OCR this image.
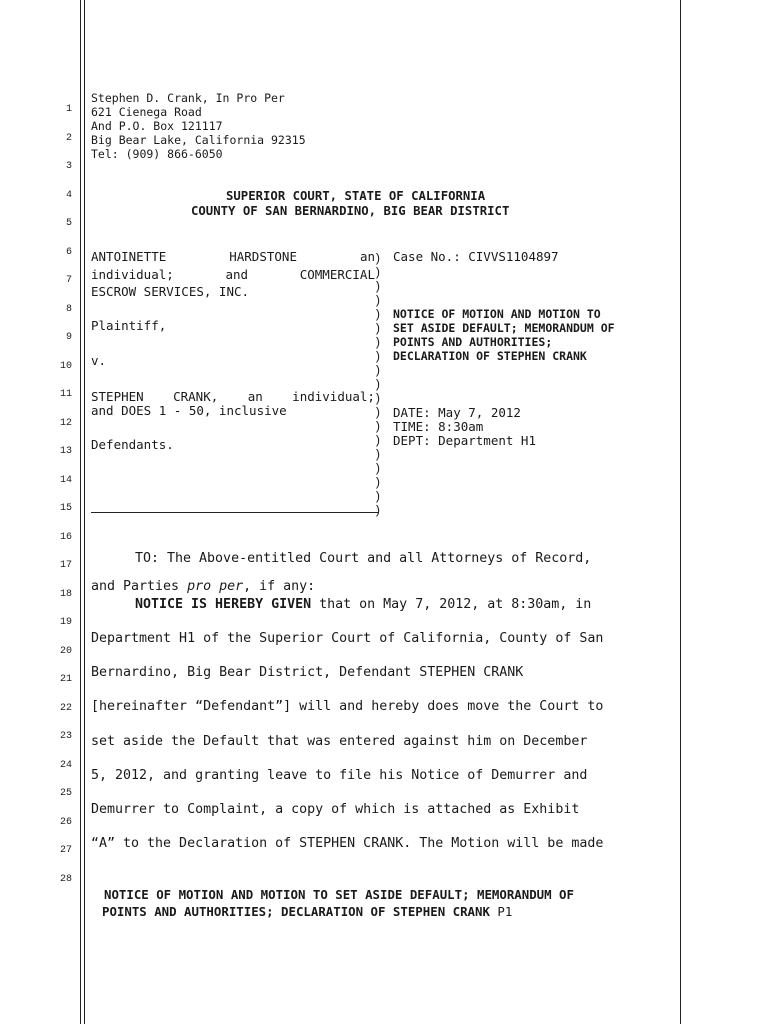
1
2
3
4
5
6
7
8
9
10
11
12
13
14
15
16
17
18
19
20
21
22
23
24
25
26
27
28
Stephen D. Crank, In Pro Per
621 Cienega Road
And P.O. Box 121117
Big Bear Lake, California 92315
Tel: (909) 866-6050
SUPERIOR COURT, STATE OF CALIFORNIA
COUNTY OF SAN BERNARDINO, BIG BEAR DISTRICT
ANTOINETTE	HARDSTONE	an
individual;	and	COMMERCIAL
ESCROW SERVICES, INC.
Plaintiff,
v.
STEPHEN CRANK, an individual;
and DOES 1 - 50, inclusive
Defendants.
)
)
)
)
)
)
)
)
)
)
)
)
)
)
)
)
)
)
)
Case No.: CIVVS1104897
NOTICE OF MOTION AND MOTION TO
SET ASIDE DEFAULT; MEMORANDUM OF
POINTS AND AUTHORITIES;
DECLARATION OF STEPHEN CRANK
DATE: May 7, 2012
TIME: 8:30am
DEPT: Department H1
TO: The Above-entitled Court and all Attorneys of Record,
and Parties pro per, if any:
NOTICE IS HEREBY GIVEN that on May 7, 2012, at 8:30am, in
Department H1 of the Superior Court of California, County of San
Bernardino, Big Bear District, Defendant STEPHEN CRANK
[hereinafter “Defendant”] will and hereby does move the Court to
set aside the Default that was entered against him on December
5, 2012, and granting leave to file his Notice of Demurrer and
Demurrer to Complaint, a copy of which is attached as Exhibit
“A” to the Declaration of STEPHEN CRANK. The Motion will be made
NOTICE OF MOTION AND MOTION TO SET ASIDE DEFAULT; MEMORANDUM OF
POINTS AND AUTHORITIES; DECLARATION OF STEPHEN CRANK P1
